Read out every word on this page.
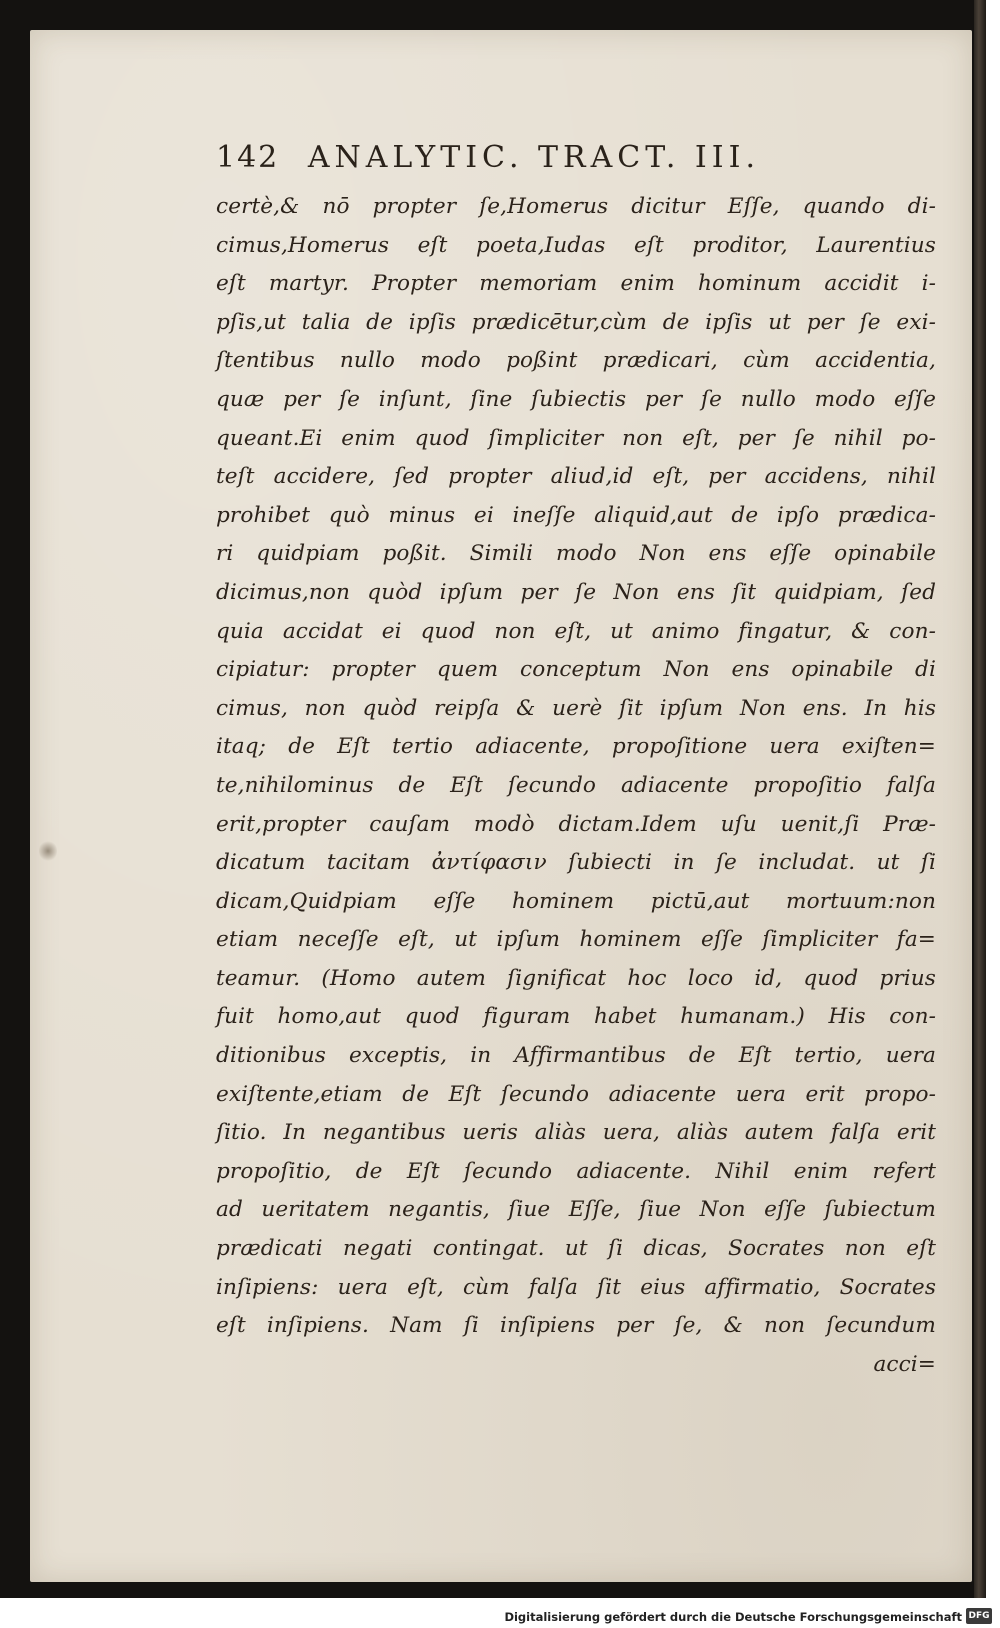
142 ANALYTIC. TRACT. III.
certè,& nō propter ſe,Homerus dicitur Eſſe, quando di-
cimus,Homerus eſt poeta,Iudas eſt proditor, Laurentius
eſt martyr. Propter memoriam enim hominum accidit i-
pſis,ut talia de ipſis prædicētur,cùm de ipſis ut per ſe exi-
ſtentibus nullo modo poßint prædicari, cùm accidentia,
quæ per ſe inſunt, ſine ſubiectis per ſe nullo modo eſſe
queant.Ei enim quod ſimpliciter non eſt, per ſe nihil po-
teſt accidere, ſed propter aliud,id eſt, per accidens, nihil
prohibet quò minus ei ineſſe aliquid,aut de ipſo prædica-
ri quidpiam poßit. Simili modo Non ens eſſe opinabile
dicimus,non quòd ipſum per ſe Non ens ſit quidpiam, ſed
quia accidat ei quod non eſt, ut animo fingatur, & con-
cipiatur: propter quem conceptum Non ens opinabile di
cimus, non quòd reipſa & uerè ſit ipſum Non ens. In his
itaq; de Eſt tertio adiacente, propoſitione uera exiſten=
te,nihilominus de Eſt ſecundo adiacente propoſitio falſa
erit,propter cauſam modò dictam.Idem uſu uenit,ſi Præ-
dicatum tacitam ἀντίφασιν ſubiecti in ſe includat. ut ſi
dicam,Quidpiam eſſe hominem pictū,aut mortuum:non
etiam neceſſe eſt, ut ipſum hominem eſſe ſimpliciter fa=
teamur. (Homo autem ſignificat hoc loco id, quod prius
fuit homo,aut quod figuram habet humanam.) His con-
ditionibus exceptis, in Affirmantibus de Eſt tertio, uera
exiſtente,etiam de Eſt ſecundo adiacente uera erit propo-
ſitio. In negantibus ueris aliàs uera, aliàs autem falſa erit
propoſitio, de Eſt ſecundo adiacente. Nihil enim refert
ad ueritatem negantis, ſiue Eſſe, ſiue Non eſſe ſubiectum
prædicati negati contingat. ut ſi dicas, Socrates non eſt
inſipiens: uera eſt, cùm falſa ſit eius affirmatio, Socrates
eſt inſipiens. Nam ſi inſipiens per ſe, & non ſecundum
acci=
Digitalisierung gefördert durch die Deutsche Forschungsgemeinschaft DFG
